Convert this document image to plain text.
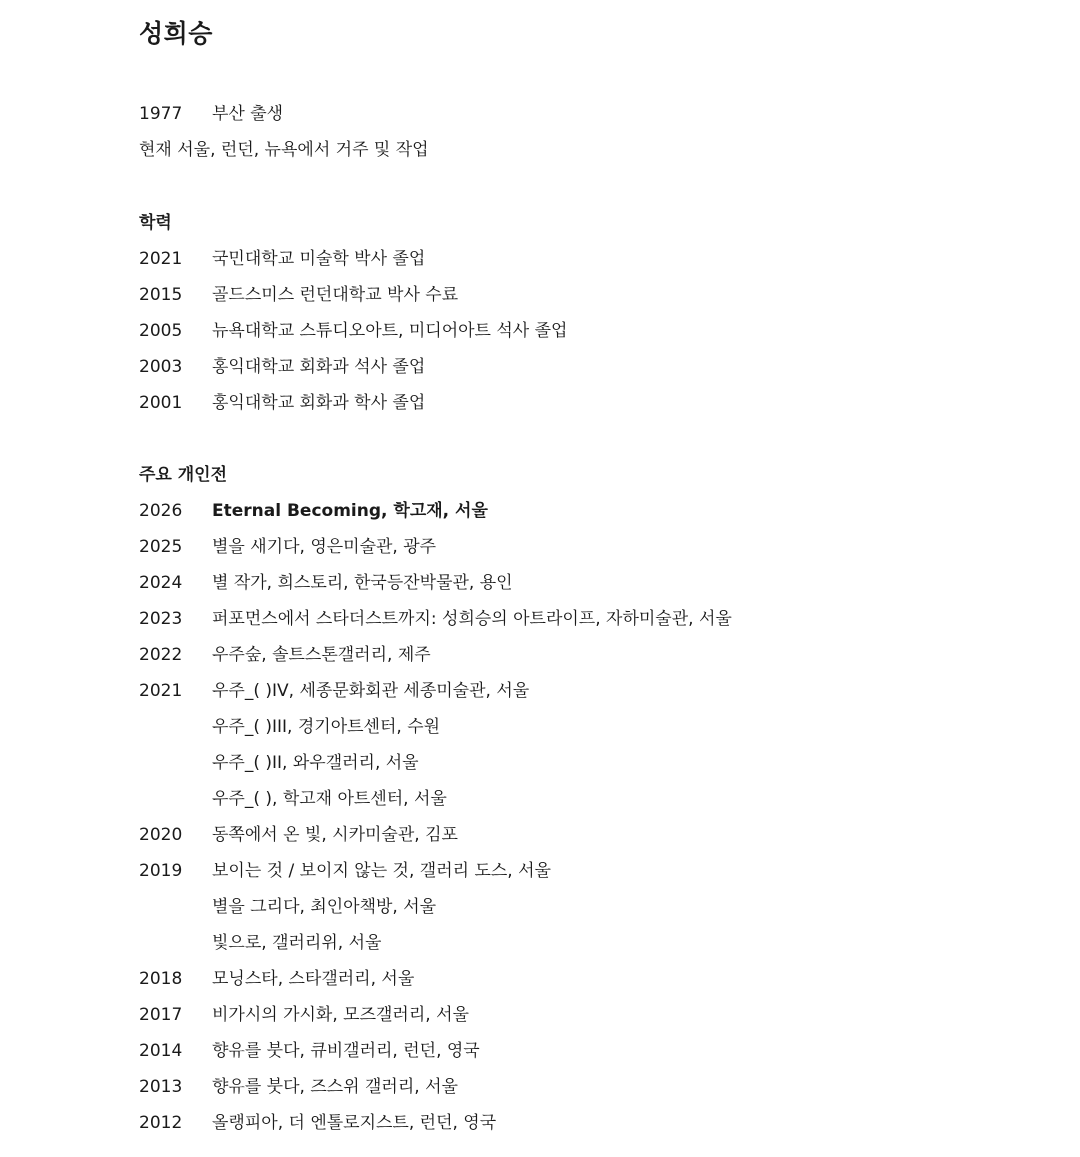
성희승
1977	부산 출생
현재 서울, 런던, 뉴욕에서 거주 및 작업
학력
2021	국민대학교 미술학 박사 졸업
2015	골드스미스 런던대학교 박사 수료
2005	뉴욕대학교 스튜디오아트, 미디어아트 석사 졸업
2003	홍익대학교 회화과 석사 졸업
2001	홍익대학교 회화과 학사 졸업
주요 개인전
2026	Eternal Becoming, 학고재, 서울
2025	별을 새기다, 영은미술관, 광주
2024	별 작가, 희스토리, 한국등잔박물관, 용인
2023	퍼포먼스에서 스타더스트까지: 성희승의 아트라이프, 자하미술관, 서울
2022	우주숲, 솔트스톤갤러리, 제주
2021	우주_( )IV, 세종문화회관 세종미술관, 서울
우주_( )III, 경기아트센터, 수원
우주_( )II, 와우갤러리, 서울
우주_( ), 학고재 아트센터, 서울
2020	동쪽에서 온 빛, 시카미술관, 김포
2019	보이는 것 / 보이지 않는 것, 갤러리 도스, 서울
별을 그리다, 최인아책방, 서울
빛으로, 갤러리위, 서울
2018	모닝스타, 스타갤러리, 서울
2017	비가시의 가시화, 모즈갤러리, 서울
2014	향유를 붓다, 큐비갤러리, 런던, 영국
2013	향유를 붓다, 즈스위 갤러리, 서울
2012	올랭피아, 더 엔톨로지스트, 런던, 영국
